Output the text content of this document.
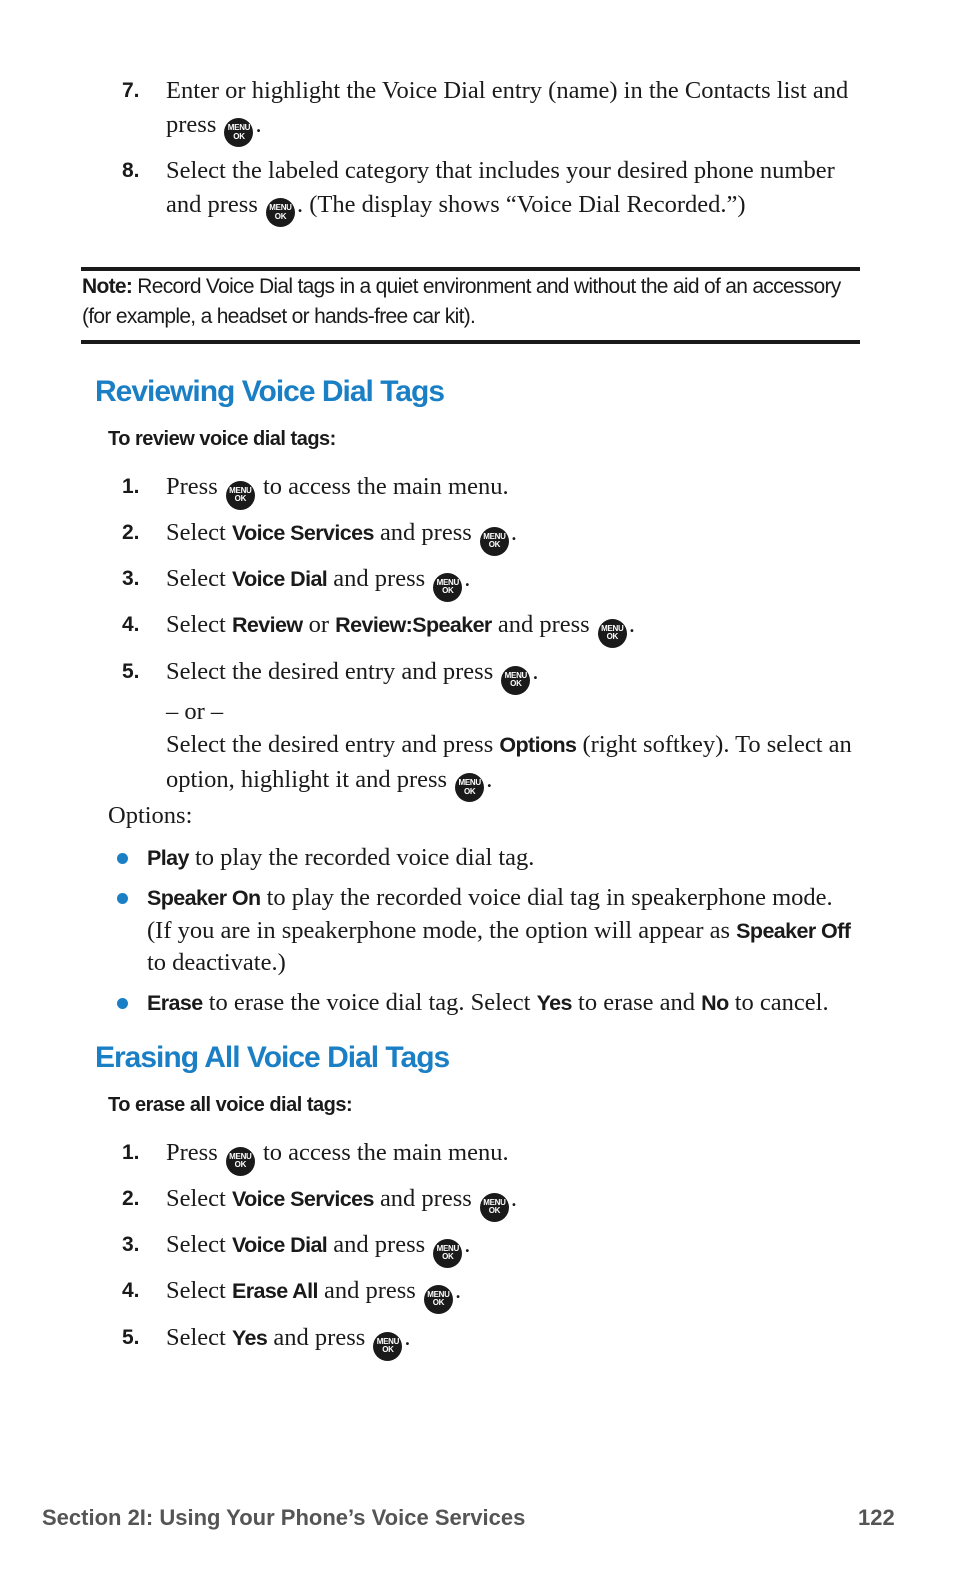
7. Enter or highlight the Voice Dial entry (name) in the Contacts list and press MENU
OK .
8. Select the labeled category that includes your desired phone number and press MENU
OK . (The display shows “Voice Dial Recorded.”)
Note: Record Voice Dial tags in a quiet environment and without the aid of an accessory (for example, a headset or hands-free car kit).
Reviewing Voice Dial Tags
To review voice dial tags:
1. Press MENU
OK to access the main menu.
2. Select Voice Services and press MENU
OK .
3. Select Voice Dial and press MENU
OK .
4. Select Review or Review:Speaker and press MENU
OK .
5. Select the desired entry and press MENU
OK .
– or –
Select the desired entry and press Options (right softkey). To select an option, highlight it and press MENU
OK .
Options:
Play to play the recorded voice dial tag.
Speaker On to play the recorded voice dial tag in speakerphone mode. (If you are in speakerphone mode, the option will appear as Speaker Off to deactivate.)
Erase to erase the voice dial tag. Select Yes to erase and No to cancel.
Erasing All Voice Dial Tags
To erase all voice dial tags:
1. Press MENU
OK to access the main menu.
2. Select Voice Services and press MENU
OK .
3. Select Voice Dial and press MENU
OK .
4. Select Erase All and press MENU
OK .
5. Select Yes and press MENU
OK .
Section 2I: Using Your Phone’s Voice Services	122
